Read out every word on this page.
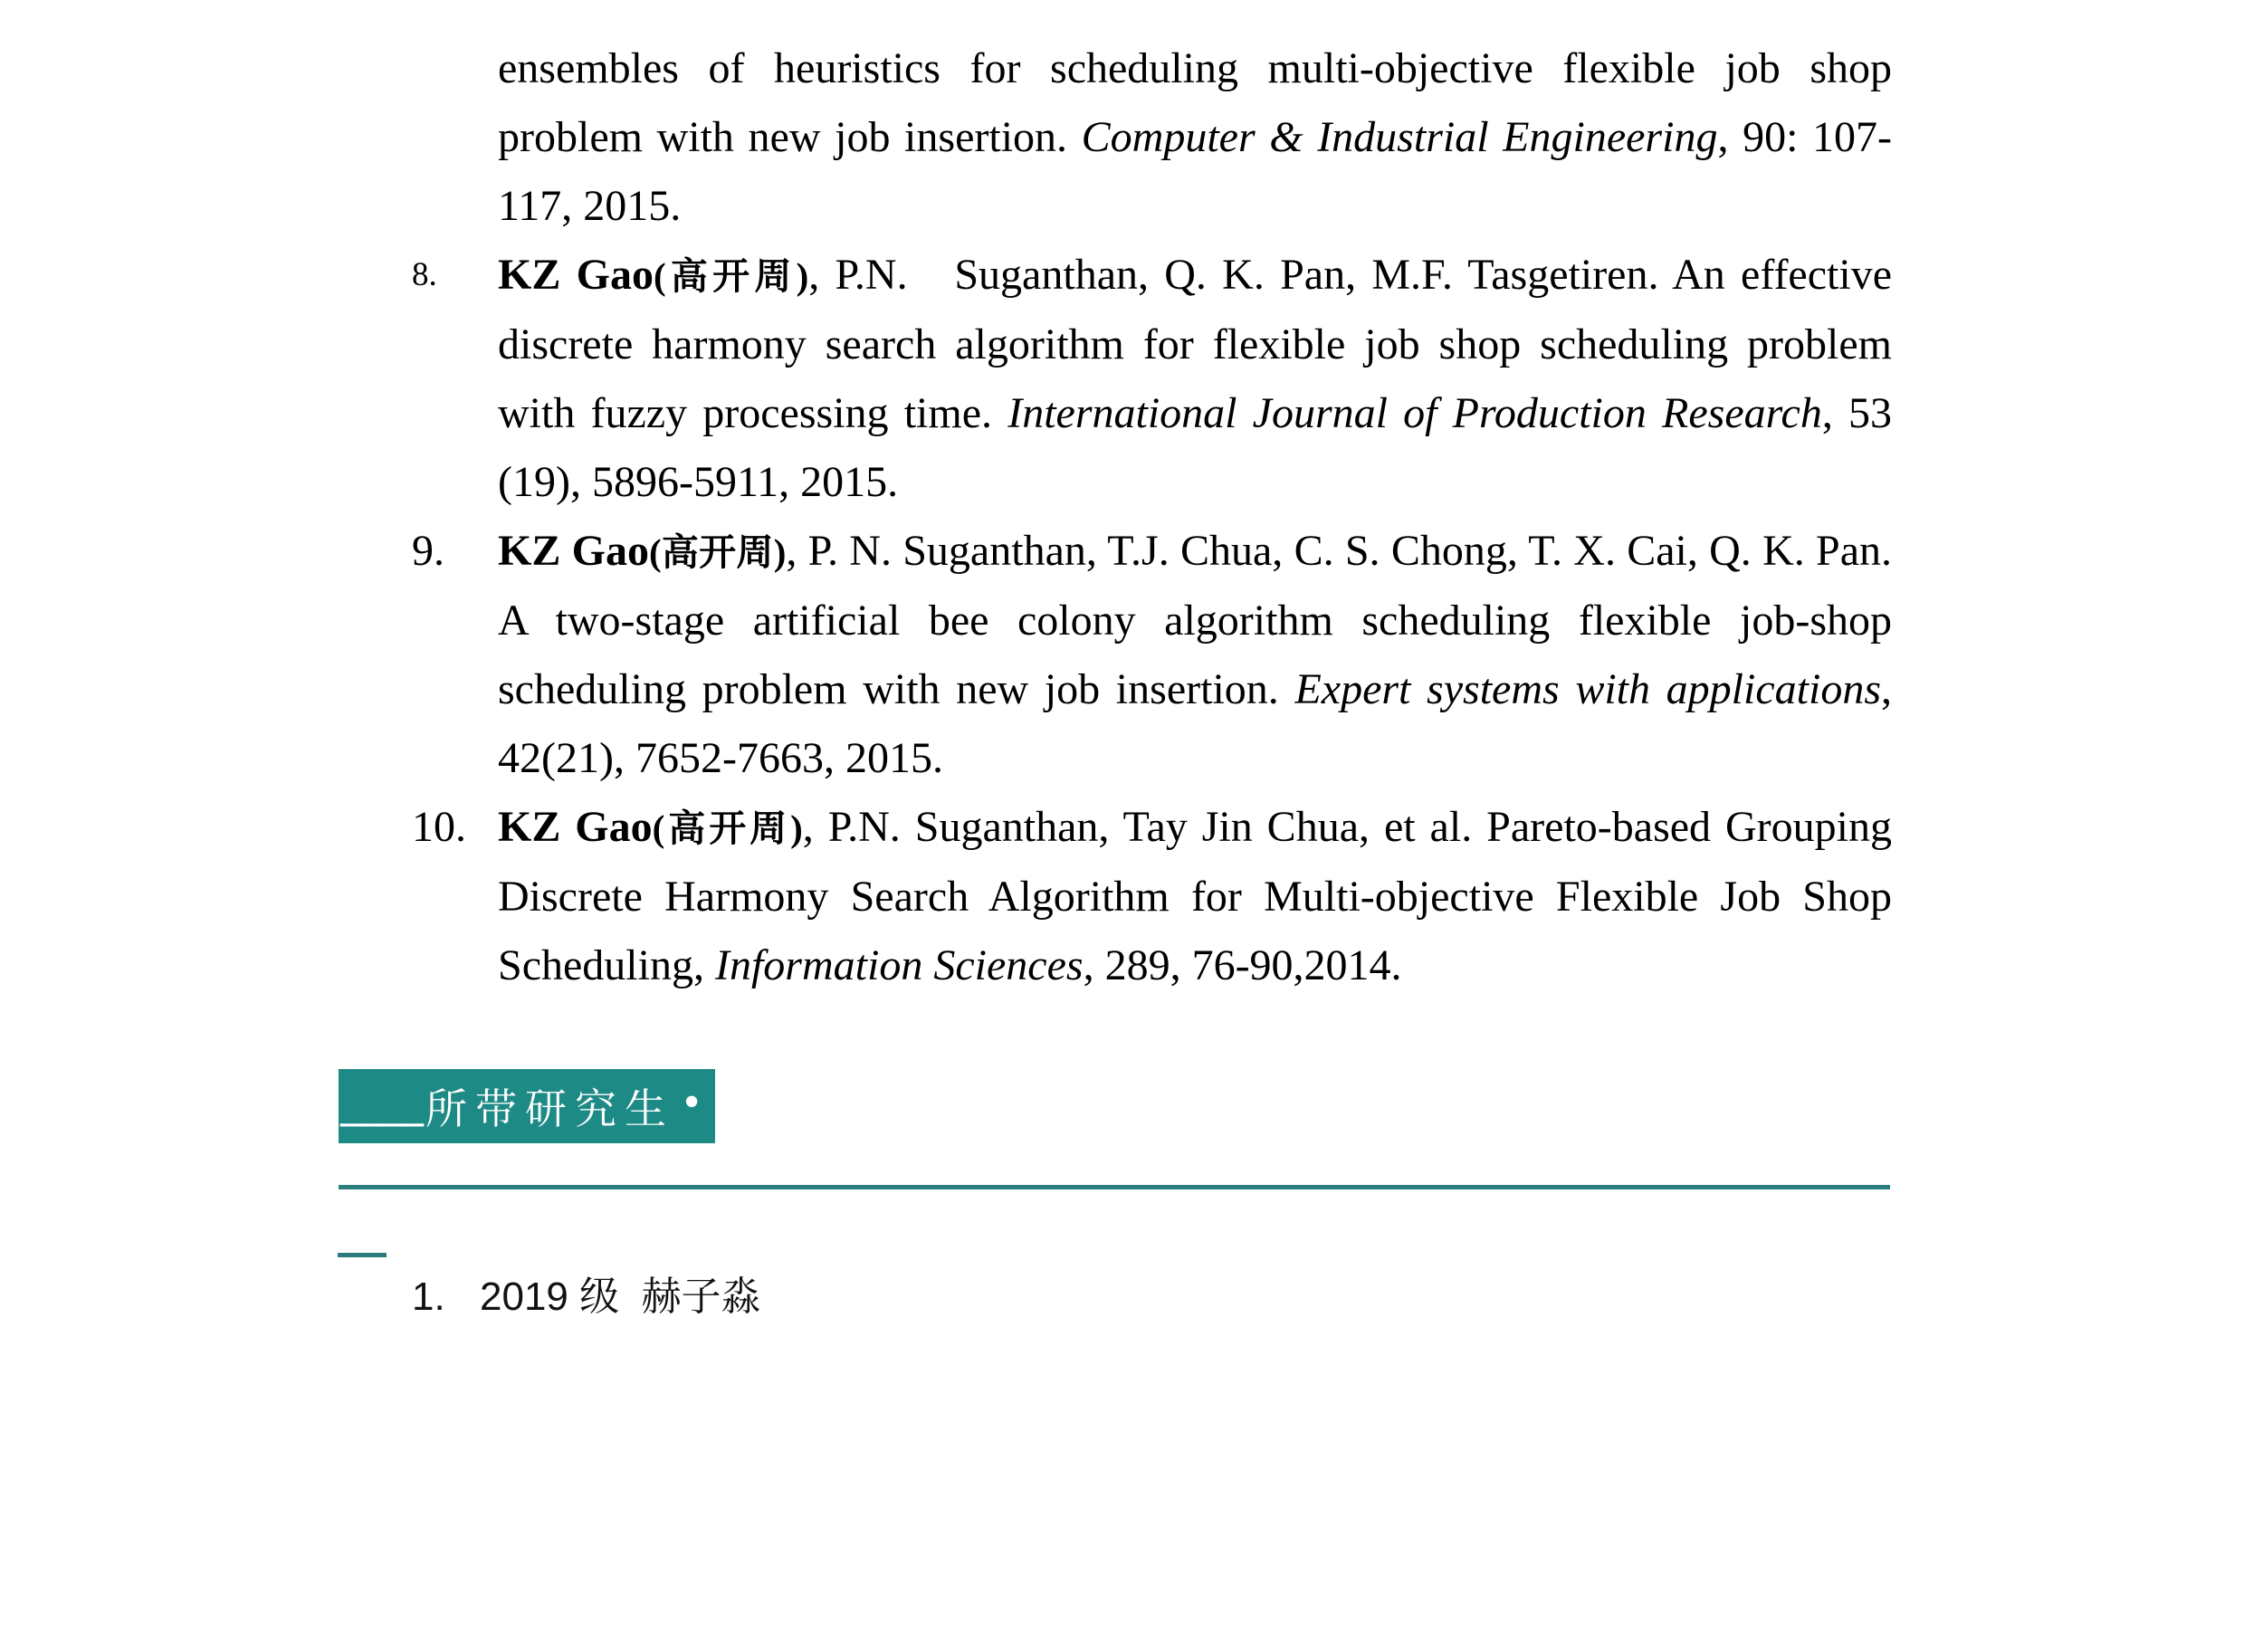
ensembles of heuristics for scheduling multi-objective flexible job shop problem with new job insertion. Computer & Industrial Engineering, 90: 107-117, 2015.
8.	KZ Gao(高开周), P.N.   Suganthan, Q. K. Pan, M.F. Tasgetiren. An effective discrete harmony search algorithm for flexible job shop scheduling problem with fuzzy processing time. International Journal of Production Research, 53 (19), 5896-5911, 2015.
9.	KZ Gao(高开周), P. N. Suganthan, T.J. Chua, C. S. Chong, T. X. Cai, Q. K. Pan. A two-stage artificial bee colony algorithm scheduling flexible job-shop scheduling problem with new job insertion. Expert systems with applications, 42(21), 7652-7663, 2015.
10. KZ Gao(高开周), P.N. Suganthan, Tay Jin Chua, et al. Pareto-based Grouping Discrete Harmony Search Algorithm for Multi-objective Flexible Job Shop Scheduling, Information Sciences, 289, 76-90,2014.
____ 所带研究生 •
1. 2019 级  赫子淼
